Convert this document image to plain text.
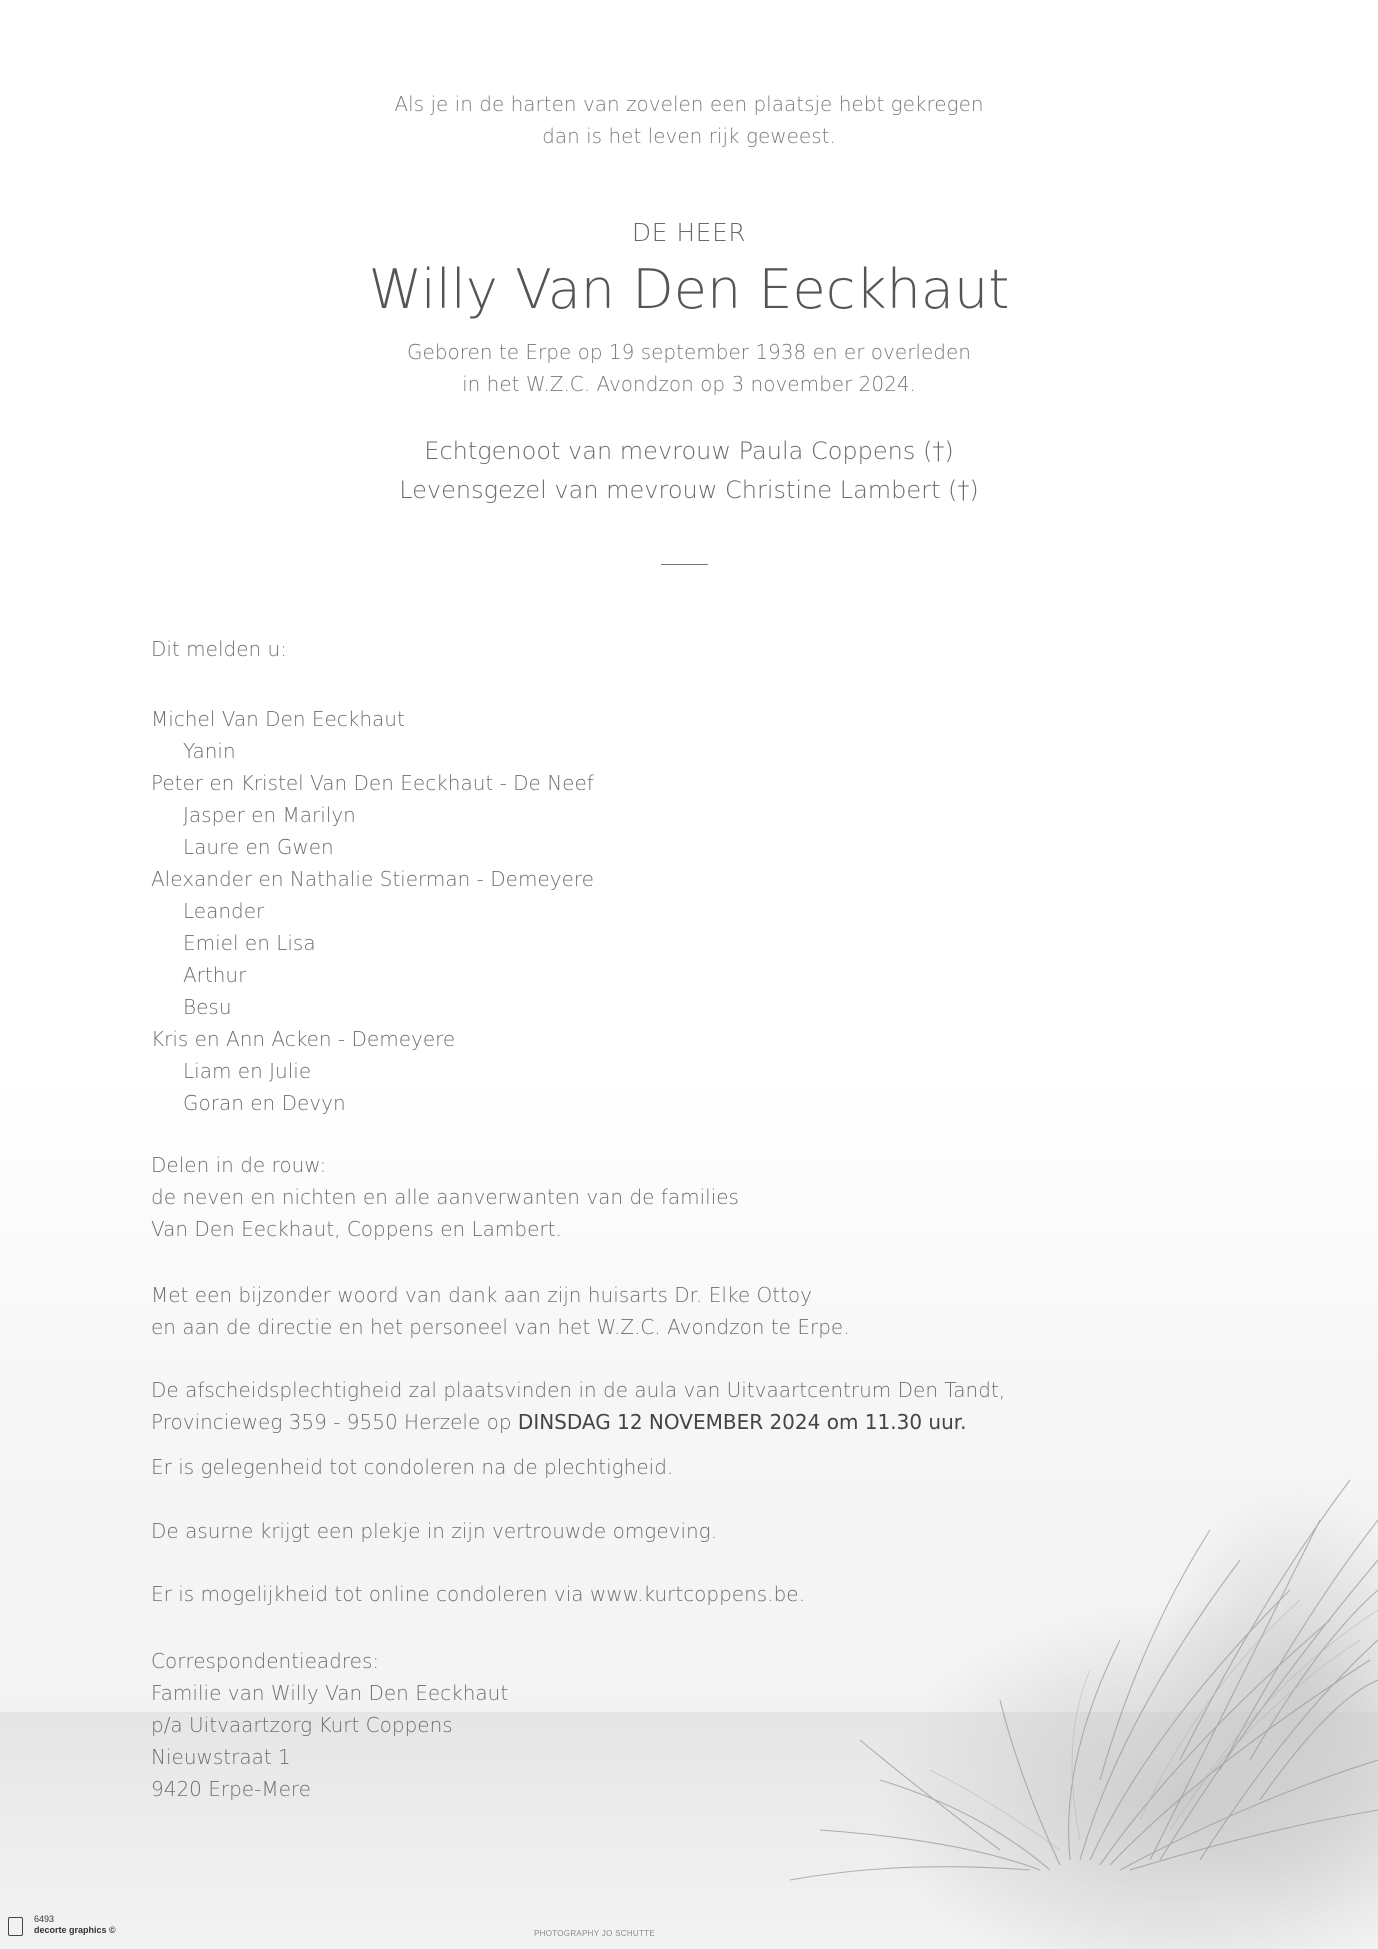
Als je in de harten van zovelen een plaatsje hebt gekregen
dan is het leven rijk geweest.
DE HEER
Willy Van Den Eeckhaut
Geboren te Erpe op 19 september 1938 en er overleden
in het W.Z.C. Avondzon op 3 november 2024.
Echtgenoot van mevrouw Paula Coppens (†)
Levensgezel van mevrouw Christine Lambert (†)
Dit melden u:
Michel Van Den Eeckhaut
Yanin
Peter en Kristel Van Den Eeckhaut - De Neef
Jasper en Marilyn
Laure en Gwen
Alexander en Nathalie Stierman - Demeyere
Leander
Emiel en Lisa
Arthur
Besu
Kris en Ann Acken - Demeyere
Liam en Julie
Goran en Devyn
Delen in de rouw:
de neven en nichten en alle aanverwanten van de families
Van Den Eeckhaut, Coppens en Lambert.
Met een bijzonder woord van dank aan zijn huisarts Dr. Elke Ottoy
en aan de directie en het personeel van het W.Z.C. Avondzon te Erpe.
De afscheidsplechtigheid zal plaatsvinden in de aula van Uitvaartcentrum Den Tandt,
Provincieweg 359 - 9550 Herzele op DINSDAG 12 NOVEMBER 2024 om 11.30 uur.
Er is gelegenheid tot condoleren na de plechtigheid.
De asurne krijgt een plekje in zijn vertrouwde omgeving.
Er is mogelijkheid tot online condoleren via www.kurtcoppens.be.
Correspondentieadres:
Familie van Willy Van Den Eeckhaut
p/a Uitvaartzorg Kurt Coppens
Nieuwstraat 1
9420 Erpe-Mere
6493
decorte graphics ©	PHOTOGRAPHY JO SCHUTTE
